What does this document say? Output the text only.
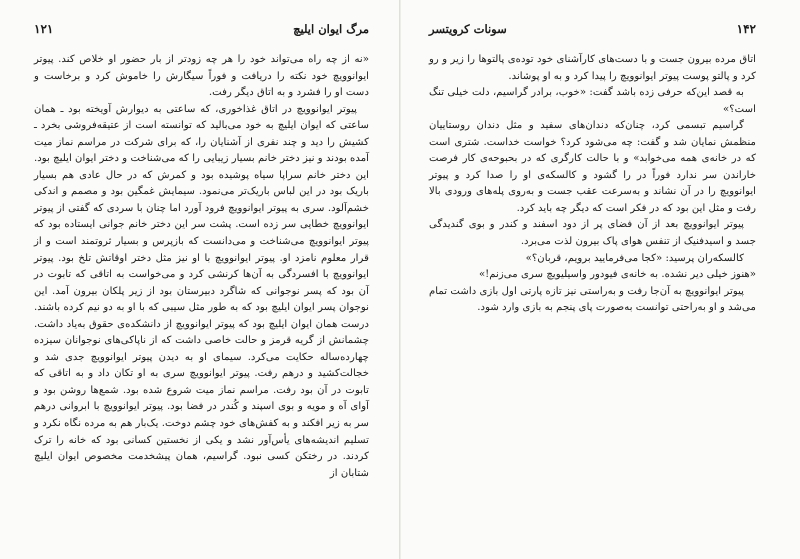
مرگ ایوان ایلیچ
۱۲۱

«نه از چه راه می‌تواند خود را هر چه زودتر از بار حضور او خلاص کند. پیوتر ایوانوویچ خود نکته را دریافت و فوراً سیگارش را خاموش کرد و برخاست و دست او را فشرد و به اتاق دیگر رفت.

پیوتر ایوانوویچ در اتاق غذاخوری، که ساعتی به دیوارش آویخته بود ـ همان ساعتی که ایوان ایلیچ به خود می‌بالید که توانسته است از عتیقه‌فروشی بخرد ـ کشیش را دید و چند نفری از آشنایان را، که برای شرکت در مراسم نماز میت آمده بودند و نیز دختر خانم بسیار زیبایی را که می‌شناخت و دختر ایوان ایلیچ بود. این دختر خانم سراپا سیاه پوشیده بود و کمرش که در حال عادی هم بسیار باریک بود در این لباس باریک‌تر می‌نمود. سیمایش غمگین بود و مصمم و اندکی خشم‌آلود. سری به پیوتر ایوانوویچ فرود آورد اما چنان با سردی که گفتی از پیوتر ایوانوویچ خطایی سر زده است. پشت سر این دختر خانم جوانی ایستاده بود که پیوتر ایوانوویچ می‌شناخت و می‌دانست که بازپرس و بسیار ثروتمند است و از قرار معلوم نامزد او. پیوتر ایوانوویچ با او نیز مثل دختر اوقاتش تلخ بود. پیوتر ایوانوویچ با افسردگی به آن‌ها کرنشی کرد و می‌خواست به اتاقی که تابوت در آن بود که پسر نوجوانی که شاگرد دبیرستان بود از زیر پلکان بیرون آمد. این نوجوان پسر ایوان ایلیچ بود که به طور مثل سیبی که با او به دو نیم کرده باشند. درست همان ایوان ایلیچ بود که پیوتر ایوانوویچ از دانشکده‌ی حقوق به‌یاد داشت. چشمانش از گریه قرمز و حالت خاصی داشت که از ناپاکی‌های نوجوانان سیزده چهارده‌ساله حکایت می‌کرد. سیمای او به دیدن پیوتر ایوانوویچ جدی شد و خجالت‌کشید و درهم رفت. پیوتر ایوانوویچ سری به او تکان داد و به اتاقی که تابوت در آن بود رفت. مراسم نماز میت شروع شده بود. شمع‌ها روشن بود و آوای آه و مویه و بوی اسپند و کُندر در فضا بود. پیوتر ایوانوویچ با ابروانی درهم سر به زیر افکند و به کفش‌های خود چشم دوخت. یک‌بار هم به مرده نگاه نکرد و تسلیم اندیشه‌های یأس‌آور نشد و یکی از نخستین کسانی بود که خانه را ترک کردند. در رختکن کسی نبود. گراسیم، همان پیشخدمت مخصوص ایوان ایلیچ شتابان از

۱۴۲
سونات کرویتسر

اتاق مرده بیرون جست و با دست‌های کارآشنای خود توده‌ی پالتوها را زیر و رو کرد و پالتو پوست پیوتر ایوانوویچ را پیدا کرد و به او پوشاند.

به قصد این‌که حرفی زده باشد گفت: «خوب، برادر گراسیم، دلت خیلی تنگ است؟»

گراسیم تبسمی کرد، چنان‌که دندان‌های سفید و مثل دندان روستاییان منظمش نمایان شد و گفت: چه می‌شود کرد؟ خواست خداست. شتری است که در خانه‌ی همه می‌خوابد» و با حالت کارگری که در بحبوحه‌ی کار فرصت خاراندن سر ندارد فوراً در را گشود و کالسکه‌ی او را صدا کرد و پیوتر ایوانوویچ را در آن نشاند و به‌سرعت عقب جست و به‌روی پله‌های ورودی بالا رفت و مثل این بود که در فکر است که دیگر چه باید کرد.

پیوتر ایوانوویچ بعد از آن فضای پر از دود اسفند و کندر و بوی گندیدگی جسد و اسیدفنیک از تنفس هوای پاک بیرون لذت می‌برد.

کالسکه‌ران پرسید: «کجا می‌فرمایید برویم، قربان؟»

«هنوز خیلی دیر نشده. به خانه‌ی فیودور واسیلیویچ سری می‌زنم!»

پیوتر ایوانوویچ به آن‌جا رفت و به‌راستی نیز تازه پارتی اول بازی داشت تمام می‌شد و او به‌راحتی توانست به‌صورت پای پنجم به بازی وارد شود.
